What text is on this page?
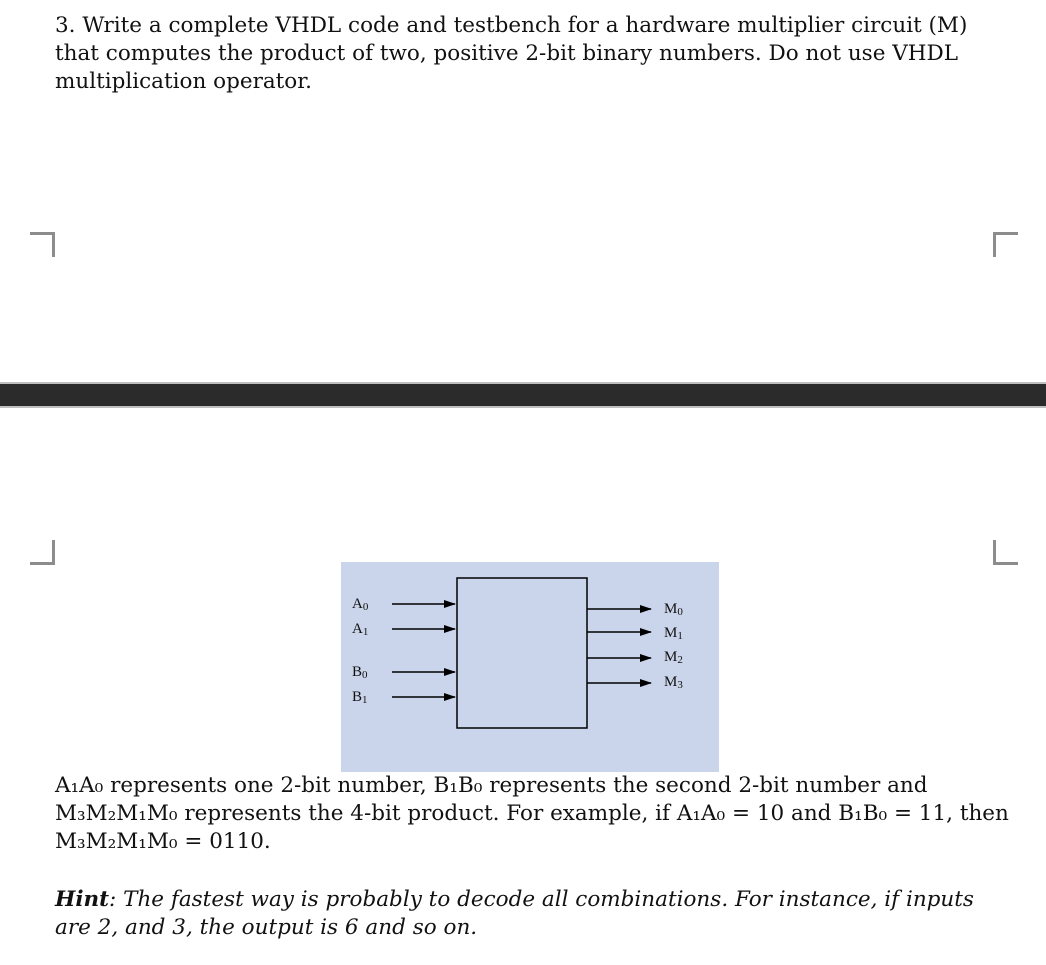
3. Write a complete VHDL code and testbench for a hardware multiplier circuit (M) that computes the product of two, positive 2-bit binary numbers. Do not use VHDL multiplication operator.

A0
A1
B0
B1
M0
M1
M2
M3

A₁A₀ represents one 2-bit number, B₁B₀ represents the second 2-bit number and M₃M₂M₁M₀ represents the 4-bit product. For example, if A₁A₀ = 10 and B₁B₀ = 11, then M₃M₂M₁M₀ = 0110.

Hint: The fastest way is probably to decode all combinations. For instance, if inputs are 2, and 3, the output is 6 and so on.
